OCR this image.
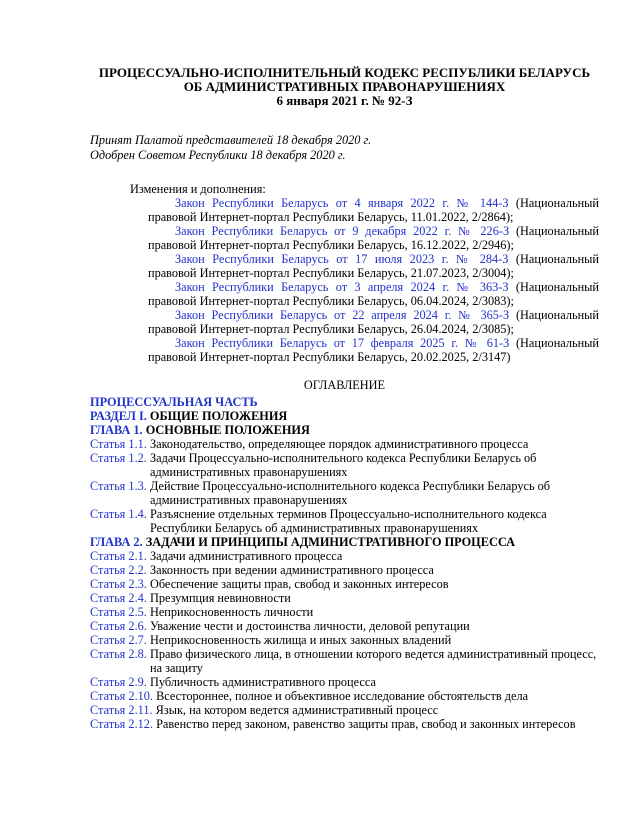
ПРОЦЕССУАЛЬНО-ИСПОЛНИТЕЛЬНЫЙ КОДЕКС РЕСПУБЛИКИ БЕЛАРУСЬ
ОБ АДМИНИСТРАТИВНЫХ ПРАВОНАРУШЕНИЯХ
6 января 2021 г. № 92-З
Принят Палатой представителей 18 декабря 2020 г.
Одобрен Советом Республики 18 декабря 2020 г.
Изменения и дополнения:

Закон Республики Беларусь от 4 января 2022 г. № 144-З (Национальный правовой Интернет-портал Республики Беларусь, 11.01.2022, 2/2864);

Закон Республики Беларусь от 9 декабря 2022 г. № 226-З (Национальный правовой Интернет-портал Республики Беларусь, 16.12.2022, 2/2946);

Закон Республики Беларусь от 17 июля 2023 г. № 284-З (Национальный правовой Интернет-портал Республики Беларусь, 21.07.2023, 2/3004);

Закон Республики Беларусь от 3 апреля 2024 г. № 363-З (Национальный правовой Интернет-портал Республики Беларусь, 06.04.2024, 2/3083);

Закон Республики Беларусь от 22 апреля 2024 г. № 365-З (Национальный правовой Интернет-портал Республики Беларусь, 26.04.2024, 2/3085);

Закон Республики Беларусь от 17 февраля 2025 г. № 61-З (Национальный правовой Интернет-портал Республики Беларусь, 20.02.2025, 2/3147)

ОГЛАВЛЕНИЕ

ПРОЦЕССУАЛЬНАЯ ЧАСТЬ

РАЗДЕЛ I. ОБЩИЕ ПОЛОЖЕНИЯ

ГЛАВА 1. ОСНОВНЫЕ ПОЛОЖЕНИЯ

Статья 1.1. Законодательство, определяющее порядок административного процесса

Статья 1.2. Задачи Процессуально-исполнительного кодекса Республики Беларусь об административных правонарушениях

Статья 1.3. Действие Процессуально-исполнительного кодекса Республики Беларусь об административных правонарушениях

Статья 1.4. Разъяснение отдельных терминов Процессуально-исполнительного кодекса Республики Беларусь об административных правонарушениях

ГЛАВА 2. ЗАДАЧИ И ПРИНЦИПЫ АДМИНИСТРАТИВНОГО ПРОЦЕССА

Статья 2.1. Задачи административного процесса

Статья 2.2. Законность при ведении административного процесса

Статья 2.3. Обеспечение защиты прав, свобод и законных интересов

Статья 2.4. Презумпция невиновности

Статья 2.5. Неприкосновенность личности

Статья 2.6. Уважение чести и достоинства личности, деловой репутации

Статья 2.7. Неприкосновенность жилища и иных законных владений

Статья 2.8. Право физического лица, в отношении которого ведется административный процесс, на защиту

Статья 2.9. Публичность административного процесса

Статья 2.10. Всестороннее, полное и объективное исследование обстоятельств дела

Статья 2.11. Язык, на котором ведется административный процесс

Статья 2.12. Равенство перед законом, равенство защиты прав, свобод и законных интересов
